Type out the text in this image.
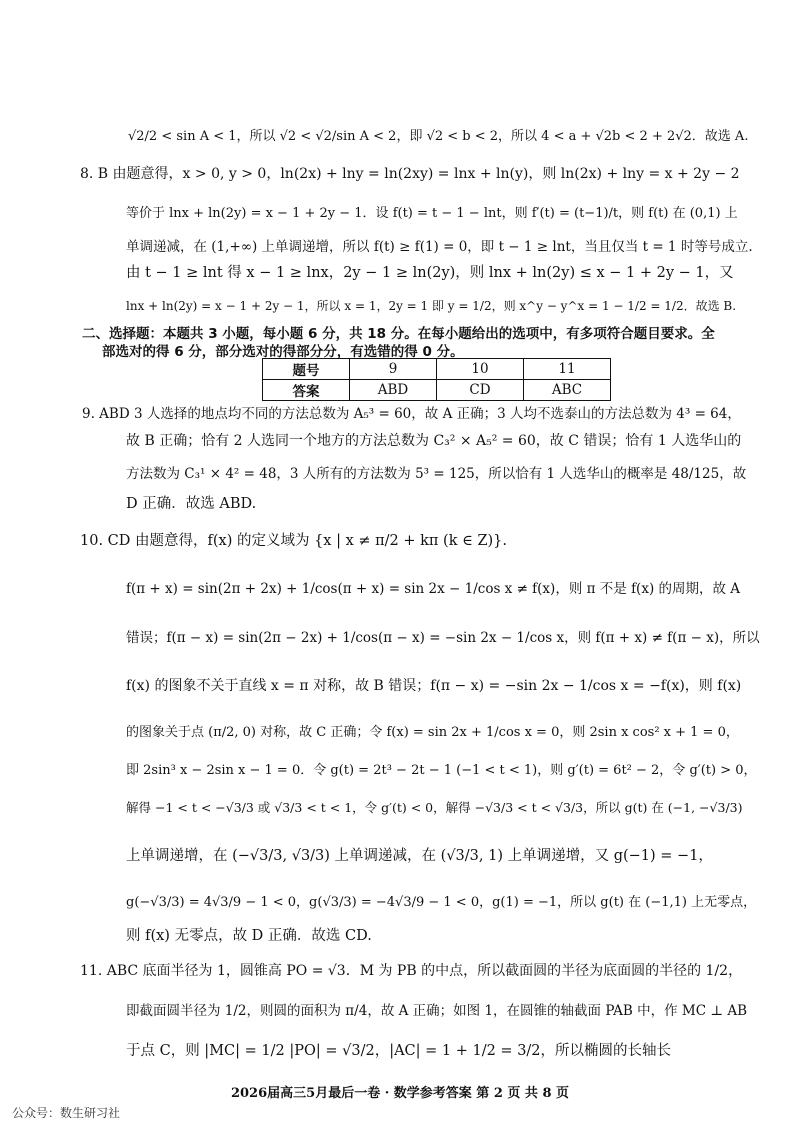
√2/2 < sin A < 1，所以 √2 < √2/sin A < 2，即 √2 < b < 2，所以 4 < a + √2b < 2 + 2√2．故选 A.
8. B 由题意得，x > 0, y > 0，ln(2x) + lny = ln(2xy) = lnx + ln(y)，则 ln(2x) + lny = x + 2y − 2
等价于 lnx + ln(2y) = x − 1 + 2y − 1．设 f(t) = t − 1 − lnt，则 f′(t) = (t−1)/t，则 f(t) 在 (0,1) 上
单调递减，在 (1,+∞) 上单调递增，所以 f(t) ≥ f(1) = 0，即 t − 1 ≥ lnt，当且仅当 t = 1 时等号成立.
由 t − 1 ≥ lnt 得 x − 1 ≥ lnx，2y − 1 ≥ ln(2y)，则 lnx + ln(2y) ≤ x − 1 + 2y − 1，又
lnx + ln(2y) = x − 1 + 2y − 1，所以 x = 1，2y = 1 即 y = 1/2，则 x^y − y^x = 1 − 1/2 = 1/2．故选 B.
二、选择题：本题共 3 小题，每小题 6 分，共 18 分。在每小题给出的选项中，有多项符合题目要求。全
部选对的得 6 分，部分选对的得部分分，有选错的得 0 分。
题号	9	10	11
答案	ABD	CD	ABC
9. ABD 3 人选择的地点均不同的方法总数为 A₅³ = 60，故 A 正确；3 人均不选泰山的方法总数为 4³ = 64，
故 B 正确；恰有 2 人选同一个地方的方法总数为 C₃² × A₅² = 60，故 C 错误；恰有 1 人选华山的
方法数为 C₃¹ × 4² = 48，3 人所有的方法数为 5³ = 125，所以恰有 1 人选华山的概率是 48/125，故
D 正确．故选 ABD.
10. CD 由题意得，f(x) 的定义域为 {x | x ≠ π/2 + kπ (k ∈ Z)}.
f(π + x) = sin(2π + 2x) + 1/cos(π + x) = sin 2x − 1/cos x ≠ f(x)，则 π 不是 f(x) 的周期，故 A
错误；f(π − x) = sin(2π − 2x) + 1/cos(π − x) = −sin 2x − 1/cos x，则 f(π + x) ≠ f(π − x)，所以
f(x) 的图象不关于直线 x = π 对称，故 B 错误；f(π − x) = −sin 2x − 1/cos x = −f(x)，则 f(x)
的图象关于点 (π/2, 0) 对称，故 C 正确；令 f(x) = sin 2x + 1/cos x = 0，则 2sin x cos² x + 1 = 0，
即 2sin³ x − 2sin x − 1 = 0．令 g(t) = 2t³ − 2t − 1 (−1 < t < 1)，则 g′(t) = 6t² − 2，令 g′(t) > 0，
解得 −1 < t < −√3/3 或 √3/3 < t < 1，令 g′(t) < 0，解得 −√3/3 < t < √3/3，所以 g(t) 在 (−1, −√3/3)
上单调递增，在 (−√3/3, √3/3) 上单调递减，在 (√3/3, 1) 上单调递增，又 g(−1) = −1，
g(−√3/3) = 4√3/9 − 1 < 0，g(√3/3) = −4√3/9 − 1 < 0，g(1) = −1，所以 g(t) 在 (−1,1) 上无零点，
则 f(x) 无零点，故 D 正确．故选 CD.
11. ABC 底面半径为 1，圆锥高 PO = √3．M 为 PB 的中点，所以截面圆的半径为底面圆的半径的 1/2，
即截面圆半径为 1/2，则圆的面积为 π/4，故 A 正确；如图 1，在圆锥的轴截面 PAB 中，作 MC ⊥ AB
于点 C，则 |MC| = 1/2 |PO| = √3/2，|AC| = 1 + 1/2 = 3/2，所以椭圆的长轴长
2026届高三5月最后一卷 · 数学参考答案 第 2 页 共 8 页
公众号：数生研习社
